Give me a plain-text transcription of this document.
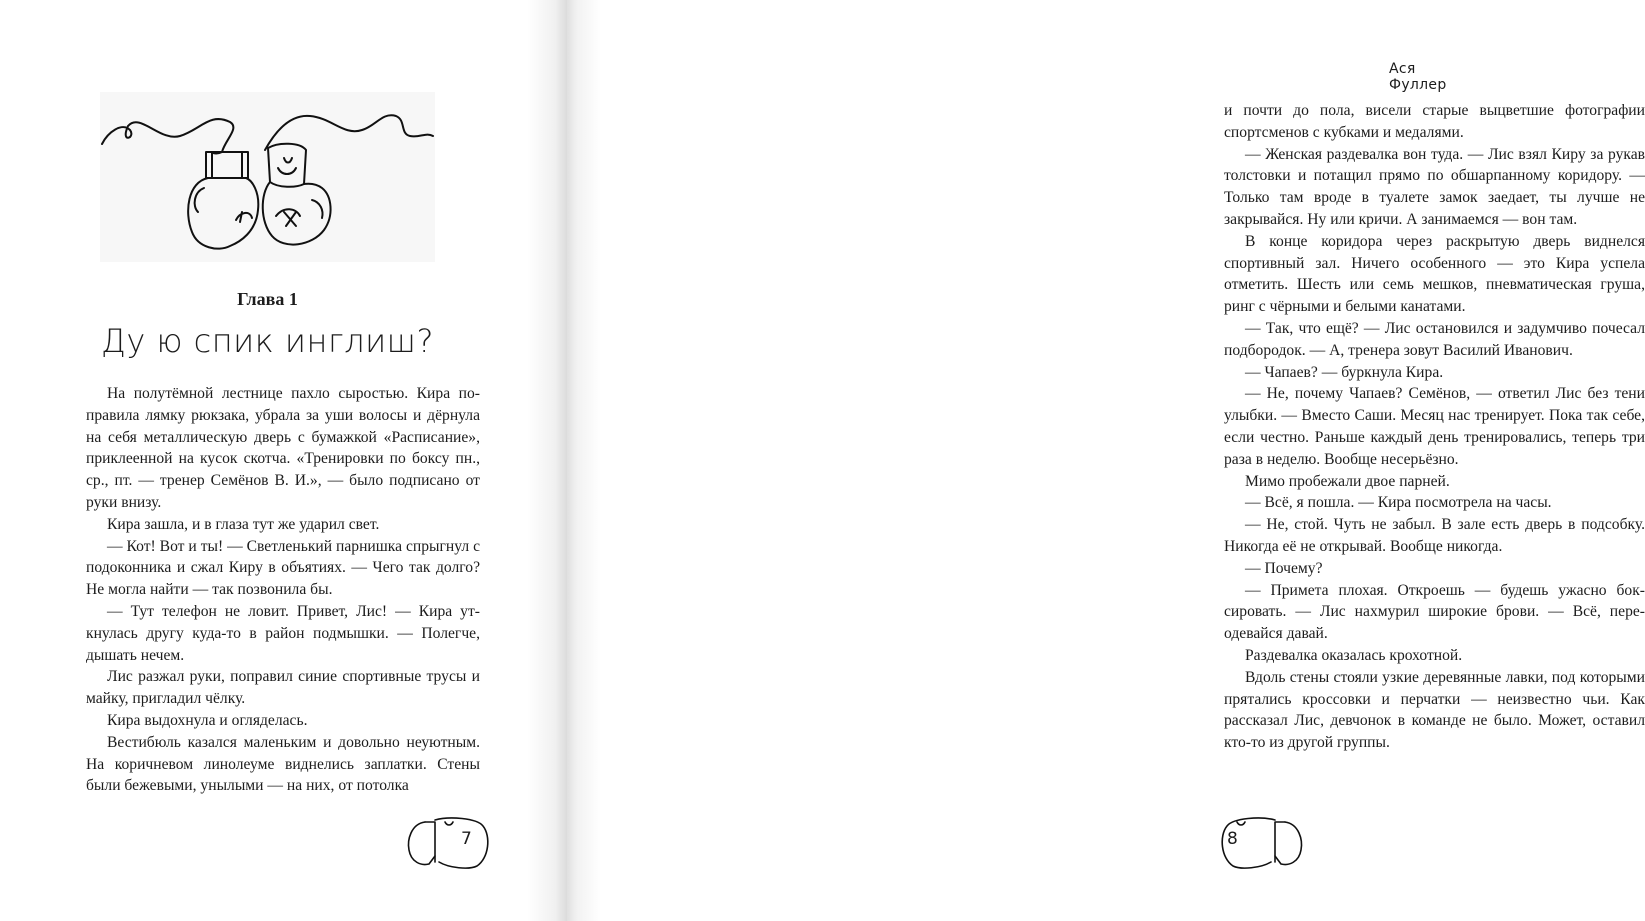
Глава 1
Ду ю спик инглиш?

На полутёмной лестнице пахло сыростью. Кира поправила лямку рюкзака, убрала за уши волосы и дёрнула на себя металлическую дверь с бумажкой «Расписание», приклеенной на кусок скотча. «Тренировки по боксу пн., ср., пт. — тренер Семёнов В. И.», — было подписано от руки внизу.

Кира зашла, и в глаза тут же ударил свет.

— Кот! Вот и ты! — Светленький парнишка спрыгнул с подоконника и сжал Киру в объятиях. — Чего так долго? Не могла найти — так позвонила бы.

— Тут телефон не ловит. Привет, Лис! — Кира уткнулась другу куда-то в район подмышки. — Полегче, дышать нечем.

Лис разжал руки, поправил синие спортивные трусы и майку, пригладил чёлку.

Кира выдохнула и огляделась.

Вестибюль казался маленьким и довольно неуютным. На коричневом линолеуме виднелись заплатки. Стены были бежевыми, унылыми — на них, от потолка

7
Ася Фуллер

и почти до пола, висели старые выцветшие фотографии спортсменов с кубками и медалями.

— Женская раздевалка вон туда. — Лис взял Киру за рукав толстовки и потащил прямо по обшарпанному коридору. — Только там вроде в туалете замок заедает, ты лучше не закрывайся. Ну или кричи. А занимаемся — вон там.

В конце коридора через раскрытую дверь виднелся спортивный зал. Ничего особенного — это Кира успела отметить. Шесть или семь мешков, пневматическая груша, ринг с чёрными и белыми канатами.

— Так, что ещё? — Лис остановился и задумчиво почесал подбородок. — А, тренера зовут Василий Иванович.

— Чапаев? — буркнула Кира.

— Не, почему Чапаев? Семёнов, — ответил Лис без тени улыбки. — Вместо Саши. Месяц нас тренирует. Пока так себе, если честно. Раньше каждый день тренировались, теперь три раза в неделю. Вообще несерьёзно.

Мимо пробежали двое парней.

— Всё, я пошла. — Кира посмотрела на часы.

— Не, стой. Чуть не забыл. В зале есть дверь в подсобку. Никогда её не открывай. Вообще никогда.

— Почему?

— Примета плохая. Откроешь — будешь ужасно боксировать. — Лис нахмурил широкие брови. — Всё, переодевайся давай.

Раздевалка оказалась крохотной.

Вдоль стены стояли узкие деревянные лавки, под которыми прятались кроссовки и перчатки — неизвестно чьи. Как рассказал Лис, девчонок в команде не было. Может, оставил кто-то из другой группы.

8
